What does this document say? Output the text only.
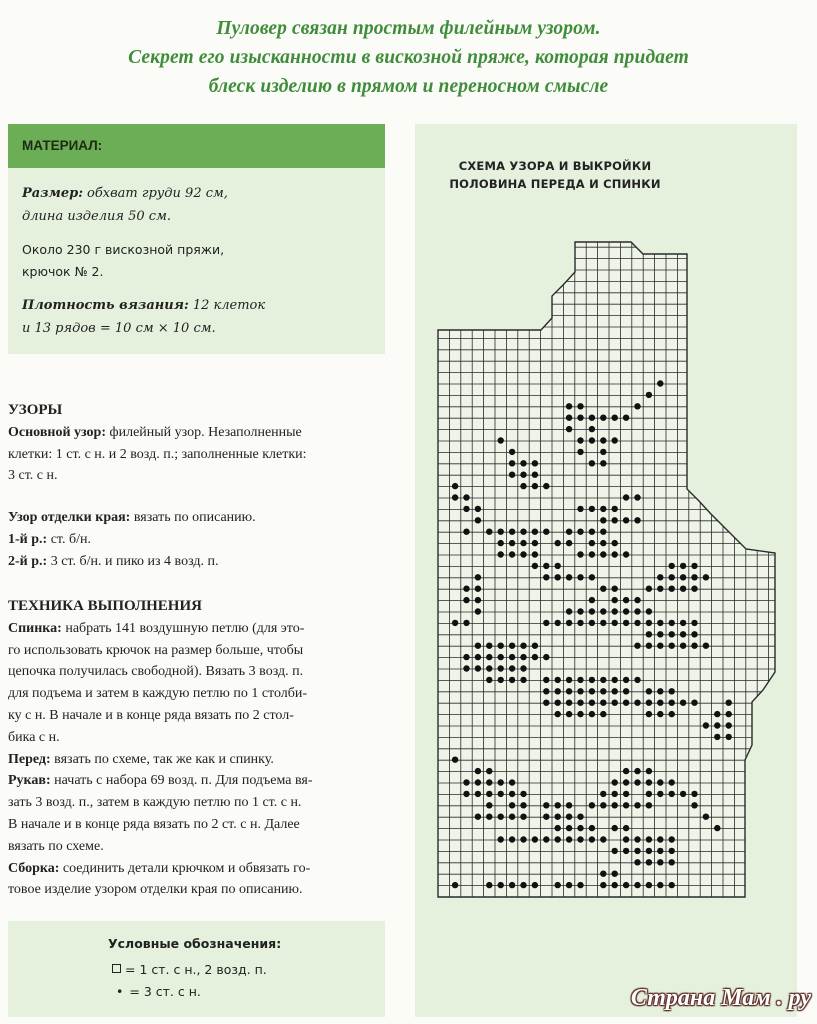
Пуловер связан простым филейным узором.
Секрет его изысканности в вискозной пряже, которая придает
блеск изделию в прямом и переносном смысле
МАТЕРИАЛ:

Размер: обхват груди 92 см,
длина изделия 50 см.

Около 230 г вискозной пряжи,
крючок № 2.

Плотность вязания: 12 клеток
и 13 рядов = 10 см × 10 см.

УЗОРЫ
Основной узор: филейный узор. Незаполненные
клетки: 1 ст. с н. и 2 возд. п.; заполненные клетки:
3 ст. с н.
Узор отделки края: вязать по описанию.
1-й р.: ст. б/н.
2-й р.: 3 ст. б/н. и пико из 4 возд. п.
ТЕХНИКА ВЫПОЛНЕНИЯ
Спинка: набрать 141 воздушную петлю (для это-
го использовать крючок на размер больше, чтобы
цепочка получилась свободной). Вязать 3 возд. п.
для подъема и затем в каждую петлю по 1 столби-
ку с н. В начале и в конце ряда вязать по 2 стол-
бика с н.
Перед: вязать по схеме, так же как и спинку.
Рукав: начать с набора 69 возд. п. Для подъема вя-
зать 3 возд. п., затем в каждую петлю по 1 ст. с н.
В начале и в конце ряда вязать по 2 ст. с н. Далее
вязать по схеме.
Сборка: соединить детали крючком и обвязать го-
товое изделие узором отделки края по описанию.
Условные обозначения:
= 1 ст. с н., 2 возд. п.
• = 3 ст. с н.
СХЕМА УЗОРА И ВЫКРОЙКИ
ПОЛОВИНА ПЕРЕДА И СПИНКИ
Страна Мам . ру
